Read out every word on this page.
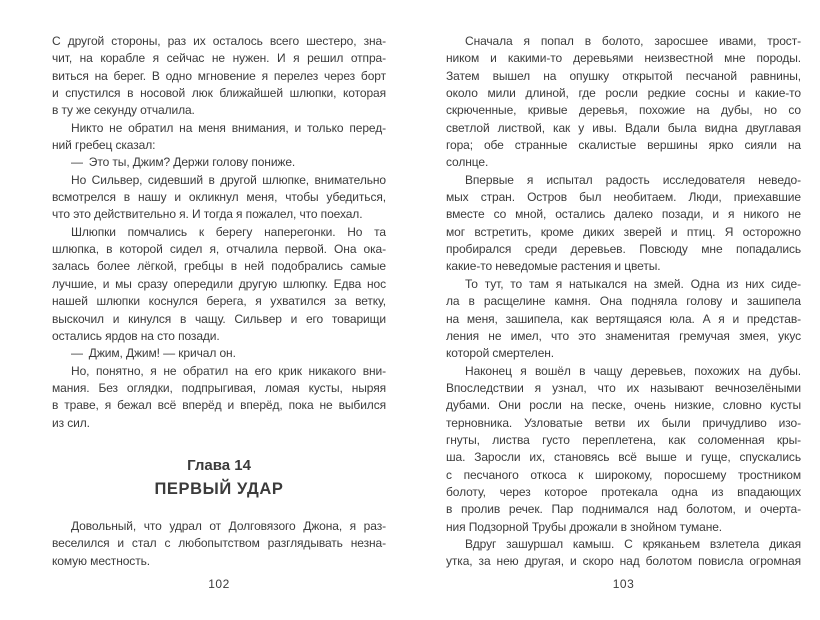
С другой стороны, раз их осталось всего шестеро, зна-
чит, на корабле я сейчас не нужен. И я решил отпра-
виться на берег. В одно мгновение я перелез через борт
и спустился в носовой люк ближайшей шлюпки, которая
в ту же секунду отчалила.
Никто не обратил на меня внимания, и только перед-
ний гребец сказал:
— Это ты, Джим? Держи голову пониже.
Но Сильвер, сидевший в другой шлюпке, внимательно
всмотрелся в нашу и окликнул меня, чтобы убедиться,
что это действительно я. И тогда я пожалел, что поехал.
Шлюпки помчались к берегу наперегонки. Но та
шлюпка, в которой сидел я, отчалила первой. Она ока-
залась более лёгкой, гребцы в ней подобрались самые
лучшие, и мы сразу опередили другую шлюпку. Едва нос
нашей шлюпки коснулся берега, я ухватился за ветку,
выскочил и кинулся в чащу. Сильвер и его товарищи
остались ярдов на сто позади.
— Джим, Джим! — кричал он.
Но, понятно, я не обратил на его крик никакого вни-
мания. Без оглядки, подпрыгивая, ломая кусты, ныряя
в траве, я бежал всё вперёд и вперёд, пока не выбился
из сил.
Глава 14
ПЕРВЫЙ УДАР
Довольный, что удрал от Долговязого Джона, я раз-
веселился и стал с любопытством разглядывать незна-
комую местность.
102
Сначала я попал в болото, заросшее ивами, трост-
ником и какими-то деревьями неизвестной мне породы.
Затем вышел на опушку открытой песчаной равнины,
около мили длиной, где росли редкие сосны и какие-то
скрюченные, кривые деревья, похожие на дубы, но со
светлой листвой, как у ивы. Вдали была видна двуглавая
гора; обе странные скалистые вершины ярко сияли на
солнце.
Впервые я испытал радость исследователя неведо-
мых стран. Остров был необитаем. Люди, приехавшие
вместе со мной, остались далеко позади, и я никого не
мог встретить, кроме диких зверей и птиц. Я осторожно
пробирался среди деревьев. Повсюду мне попадались
какие-то неведомые растения и цветы.
То тут, то там я натыкался на змей. Одна из них сиде-
ла в расщелине камня. Она подняла голову и зашипела
на меня, зашипела, как вертящаяся юла. А я и представ-
ления не имел, что это знаменитая гремучая змея, укус
которой смертелен.
Наконец я вошёл в чащу деревьев, похожих на дубы.
Впоследствии я узнал, что их называют вечнозелёными
дубами. Они росли на песке, очень низкие, словно кусты
терновника. Узловатые ветви их были причудливо изо-
гнуты, листва густо переплетена, как соломенная кры-
ша. Заросли их, становясь всё выше и гуще, спускались
с песчаного откоса к широкому, поросшему тростником
болоту, через которое протекала одна из впадающих
в пролив речек. Пар поднимался над болотом, и очерта-
ния Подзорной Трубы дрожали в знойном тумане.
Вдруг зашуршал камыш. С кряканьем взлетела дикая
утка, за нею другая, и скоро над болотом повисла огромная
103
